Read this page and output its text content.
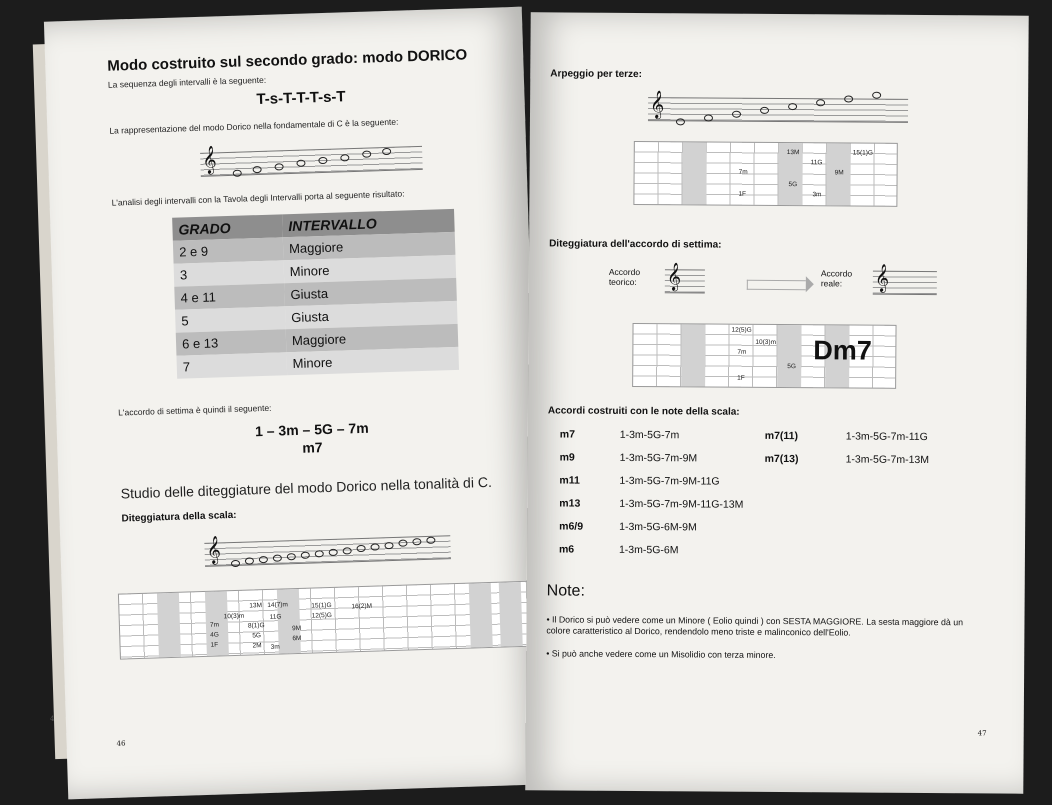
Modo costruito sul secondo grado: modo DORICO
La sequenza degli intervalli è la seguente:
T-s-T-T-T-s-T
La rappresentazione del modo Dorico nella fondamentale di C è la seguente:
𝄞
L'analisi degli intervalli con la Tavola degli Intervalli porta al seguente risultato:
GRADO	INTERVALLO
2 e 9	Maggiore
3	Minore
4 e 11	Giusta
5	Giusta
6 e 13	Maggiore
7	Minore
L'accordo di settima è quindi il seguente:
1 – 3m – 5G – 7m
m7
Studio delle diteggiature del modo Dorico nella tonalità di C.
Diteggiatura della scala:
𝄞
13M 14(7)m	15(1)G	16(2)M
10(3)m	11G	12(5)G
7m	8(1)G	9M
4G	5G	6M
1F	2M 3m
46
4
Arpeggio per terze:
𝄞
13M	15(1)G
11G
7m	9M
5G
1F	3m
Diteggiatura dell'accordo di settima:
Accordo teorico:	𝄞	Accordo reale:	𝄞
12(5)G
10(3)m
7m
5G
1F
Dm7
Accordi costruiti con le note della scala:
m7	1-3m-5G-7m
m9	1-3m-5G-7m-9M
m11	1-3m-5G-7m-9M-11G
m13	1-3m-5G-7m-9M-11G-13M
m6/9	1-3m-5G-6M-9M
m6	1-3m-5G-6M
m7(11)	1-3m-5G-7m-11G
m7(13)	1-3m-5G-7m-13M
Note:
• Il Dorico si può vedere come un Minore ( Eolio quindi ) con SESTA MAGGIORE. La sesta maggiore dà un colore caratteristico al Dorico, rendendolo meno triste e malinconico dell'Eolio.
• Si può anche vedere come un Misolidio con terza minore.
47
